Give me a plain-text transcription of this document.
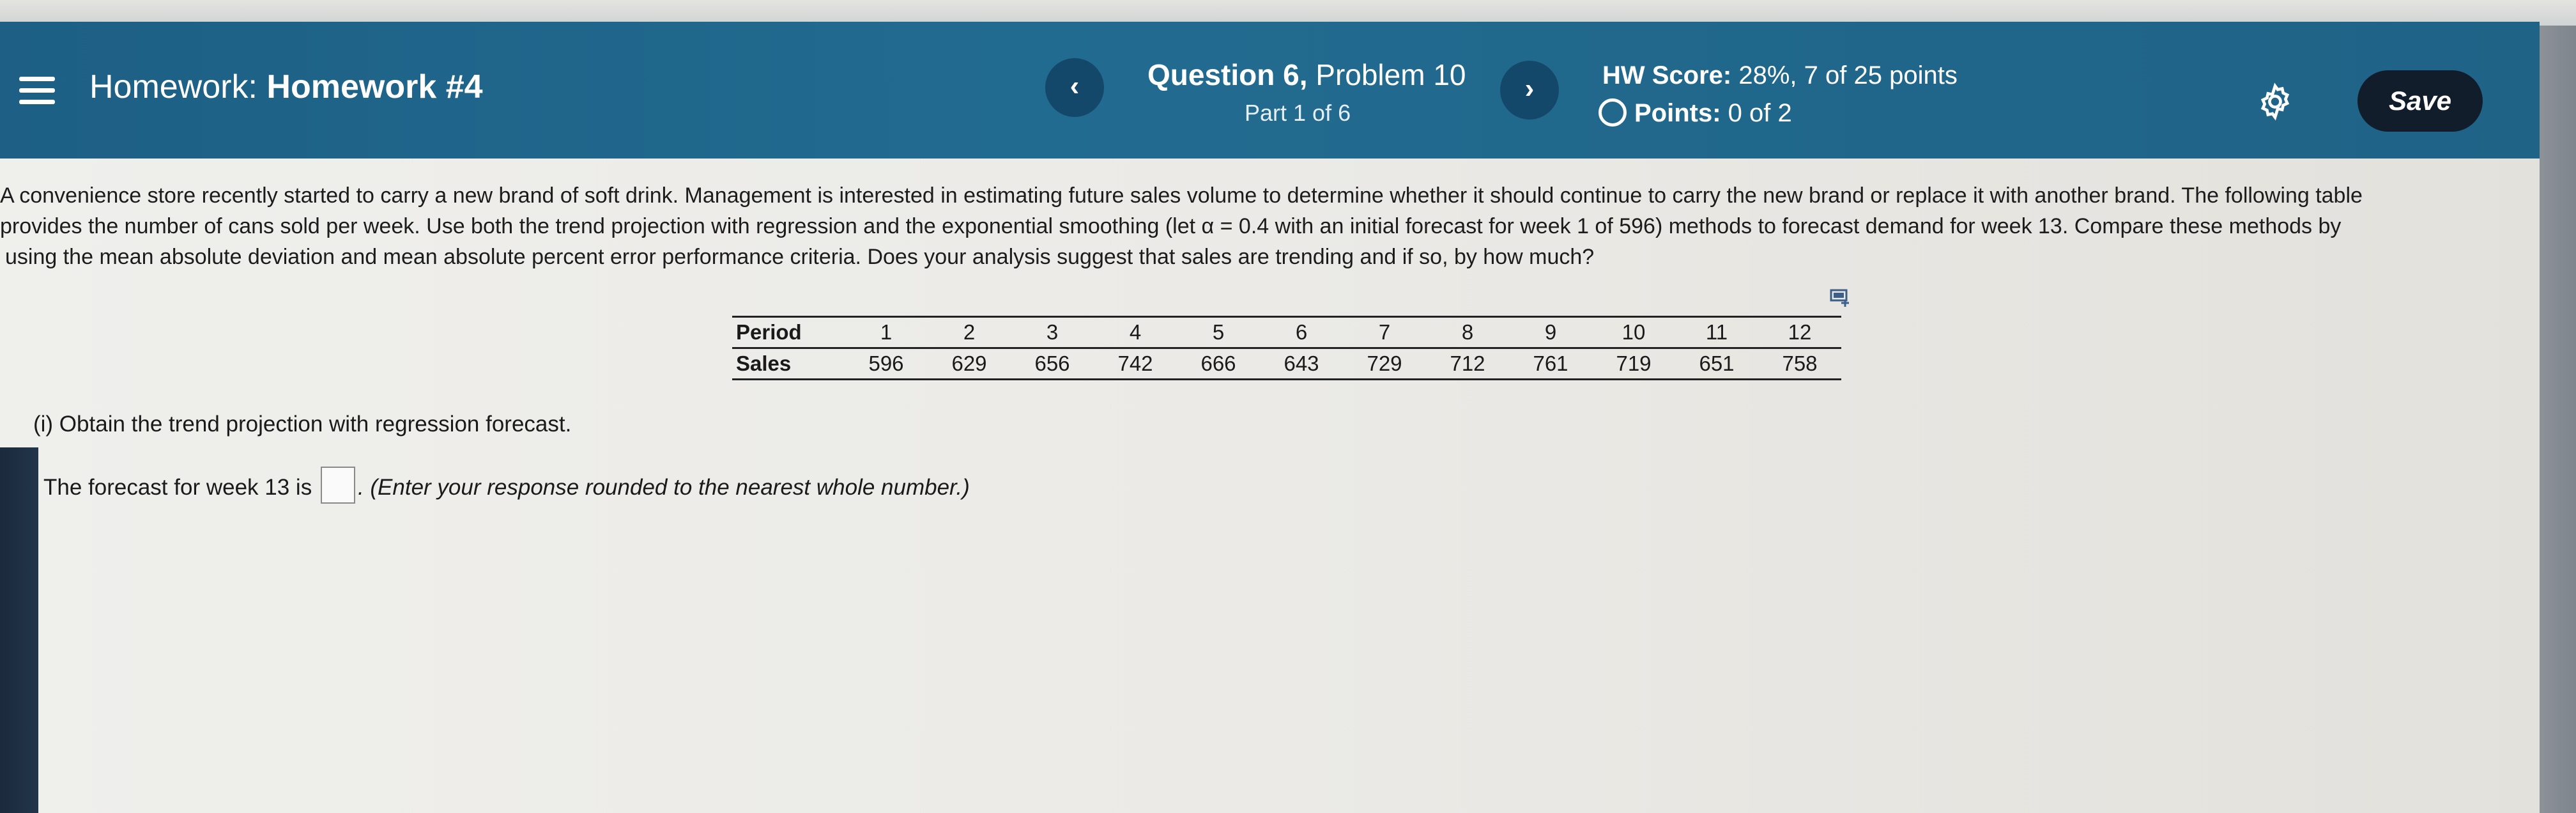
Homework: Homework #4	‹	Question 6, Problem 10
Part 1 of 6
›	HW Score: 28%, 7 of 25 points
Points: 0 of 2	Save
A convenience store recently started to carry a new brand of soft drink. Management is interested in estimating future sales volume to determine whether it should continue to carry the new brand or replace it with another brand. The following table
provides the number of cans sold per week. Use both the trend projection with regression and the exponential smoothing (let α = 0.4 with an initial forecast for week 1 of 596) methods to forecast demand for week 13. Compare these methods by
using the mean absolute deviation and mean absolute percent error performance criteria. Does your analysis suggest that sales are trending and if so, by how much?
Period	1	2	3	4	5	6	7	8	9	10	11	12
Sales	596	629	656	742	666	643	729	712	761	719	651	758
(i) Obtain the trend projection with regression forecast.
The forecast for week 13 is . (Enter your response rounded to the nearest whole number.)
